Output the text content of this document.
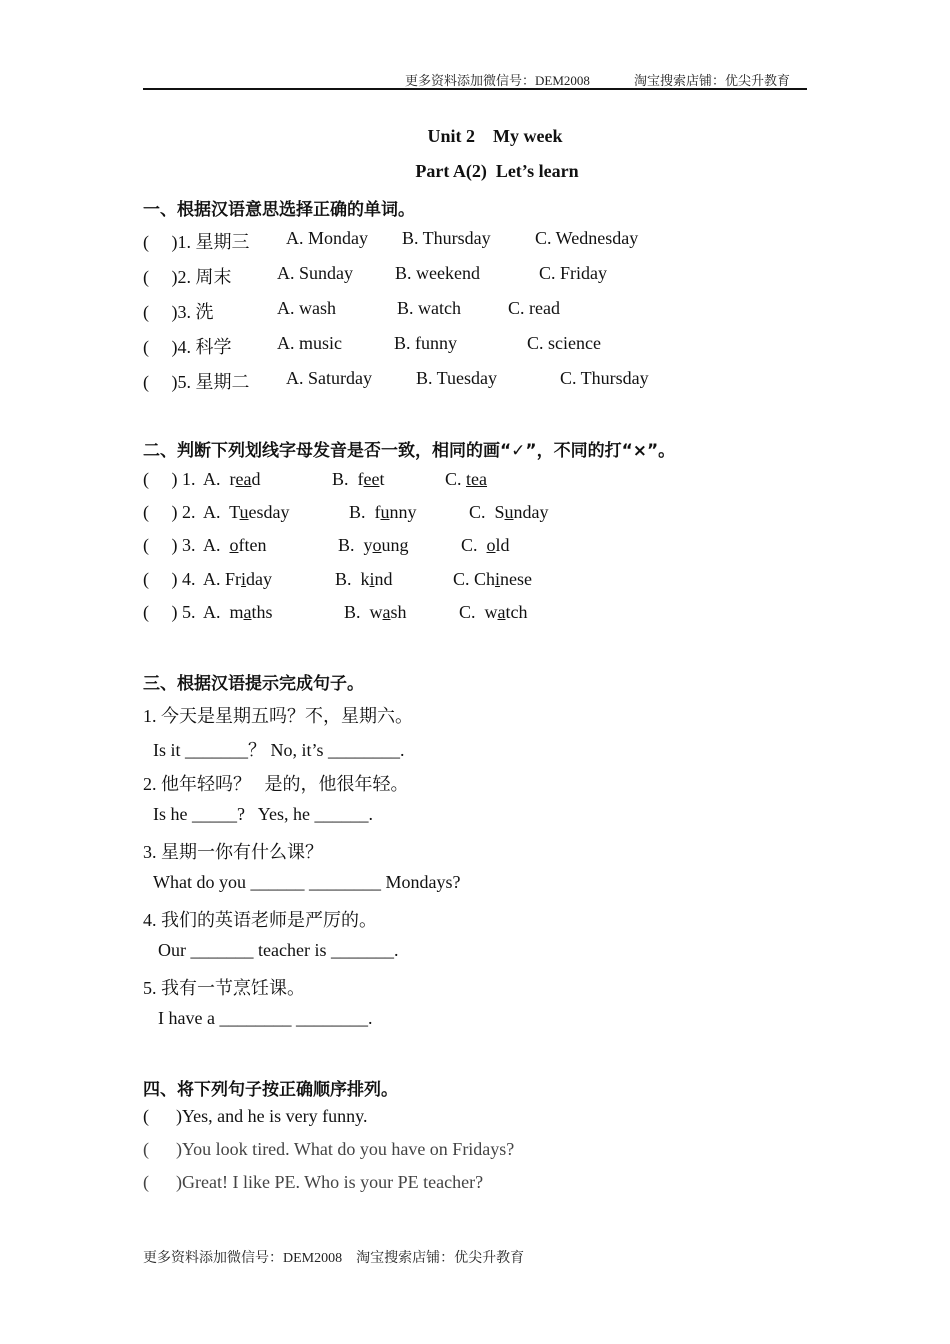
更多资料添加微信号：DEM2008	淘宝搜索店铺：优尖升教育
Unit 2    My week
Part A(2)  Let’s learn
一、根据汉语意思选择正确的单词。
(     )1. 星期三 A. Monday B. Thursday C. Wednesday
(     )2. 周末	A. Sunday B. weekend	C. Friday
(     )3. 洗	A. wash	B. watch	C. read
(     )4. 科学	A. music	B. funny	C. science
(     )5. 星期二 A. Saturday B. Tuesday	C. Thursday
二、判断下列划线字母发音是否一致，相同的画“✓”，不同的打“×”。
(     ) 1. A.  read	B.  feet	C. tea
(     ) 2. A.  Tuesday	B.  funny	C.  Sunday
(     ) 3. A.  often	B.  young	C.  old
(     ) 4. A. Friday	B.  kind	C. Chinese
(     ) 5. A.  maths	B.  wash	C.  watch
三、根据汉语提示完成句子。
1. 今天是星期五吗？不，星期六。
Is it _______？ No, it’s ________.
2. 他年轻吗？   是的，他很年轻。
Is he _____?   Yes, he ______.
3. 星期一你有什么课？
What do you ______ ________ Mondays?
4. 我们的英语老师是严厉的。
Our _______ teacher is _______.
5. 我有一节烹饪课。
I have a ________ ________.
四、将下列句子按正确顺序排列。
(      )Yes, and he is very funny.
(      )You look tired. What do you have on Fridays?
(      )Great! I like PE. Who is your PE teacher?
更多资料添加微信号：DEM2008    淘宝搜索店铺：优尖升教育
